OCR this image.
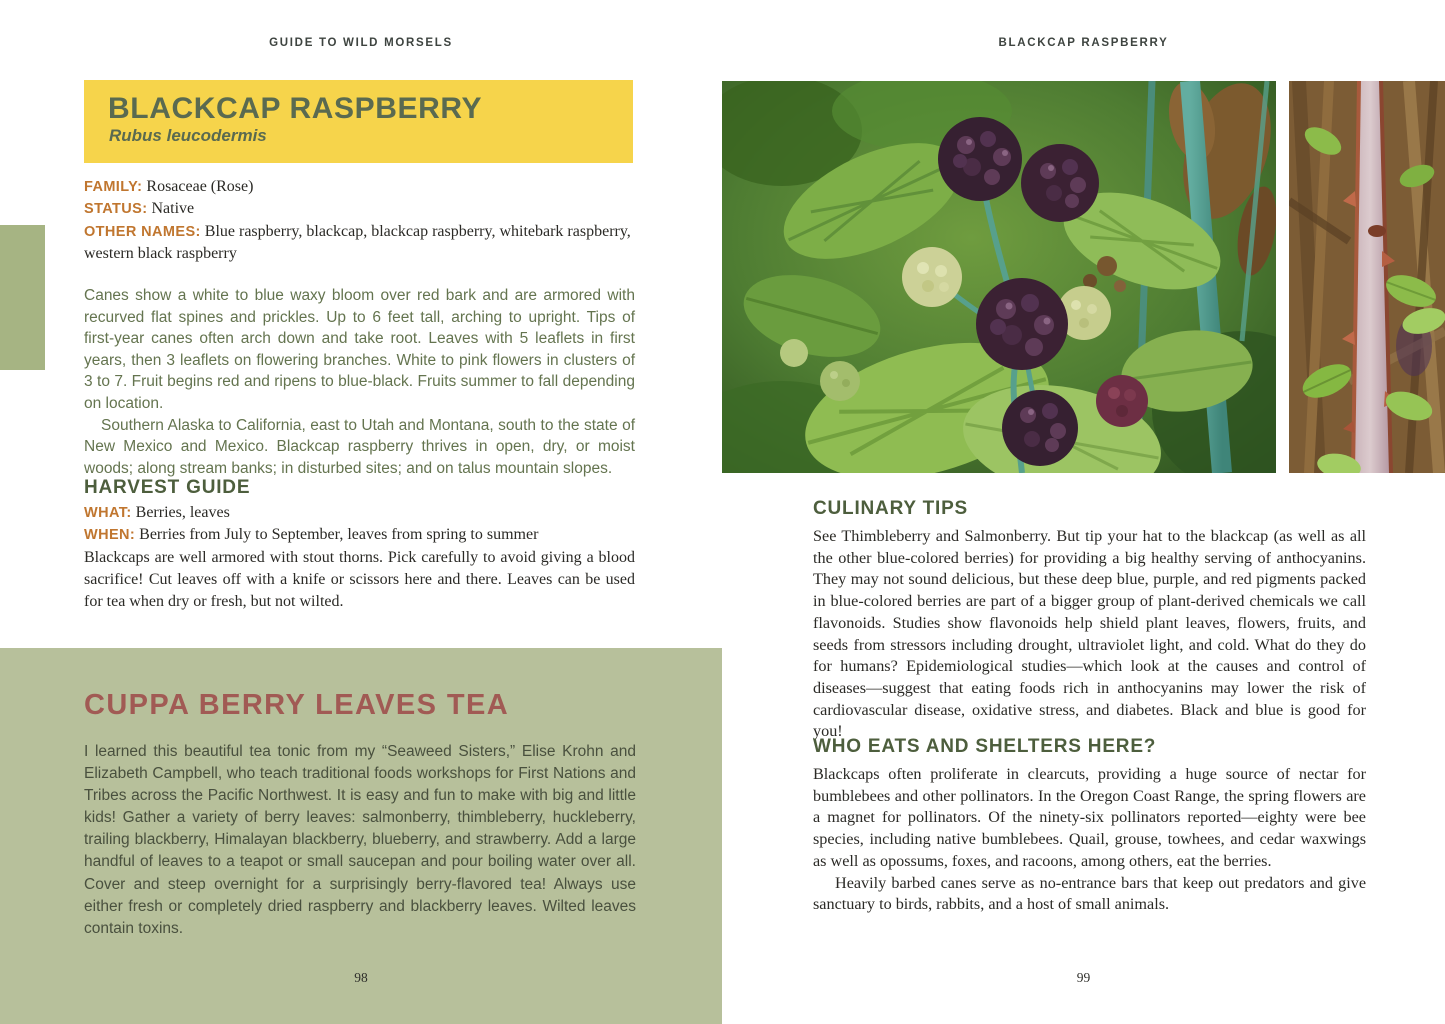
GUIDE TO WILD MORSELS	BLACKCAP RASPBERRY
BLACKCAP RASPBERRY
Rubus leucodermis

FAMILY: Rosaceae (Rose)

STATUS: Native

OTHER NAMES: Blue raspberry, blackcap, blackcap raspberry, whitebark raspberry, western black raspberry

Canes show a white to blue waxy bloom over red bark and are armored with recurved flat spines and prickles. Up to 6 feet tall, arching to upright. Tips of first-year canes often arch down and take root. Leaves with 5 leaflets in first years, then 3 leaflets on flowering branches. White to pink flowers in clusters of 3 to 7. Fruit begins red and ripens to blue-black. Fruits summer to fall depending on location.

Southern Alaska to California, east to Utah and Montana, south to the state of New Mexico and Mexico. Blackcap raspberry thrives in open, dry, or moist woods; along stream banks; in disturbed sites; and on talus mountain slopes.

HARVEST GUIDE

WHAT: Berries, leaves

WHEN: Berries from July to September, leaves from spring to summer

Blackcaps are well armored with stout thorns. Pick carefully to avoid giving a blood sacrifice! Cut leaves off with a knife or scissors here and there. Leaves can be used for tea when dry or fresh, but not wilted.

CUPPA BERRY LEAVES TEA

I learned this beautiful tea tonic from my “Seaweed Sisters,” Elise Krohn and Elizabeth Campbell, who teach traditional foods workshops for First Nations and Tribes across the Pacific Northwest. It is easy and fun to make with big and little kids! Gather a variety of berry leaves: salmonberry, thimbleberry, huckleberry, trailing blackberry, Himalayan blackberry, blueberry, and strawberry. Add a large handful of leaves to a teapot or small saucepan and pour boiling water over all. Cover and steep overnight for a surprisingly berry-flavored tea! Always use either fresh or completely dried raspberry and blackberry leaves. Wilted leaves contain toxins.

CULINARY TIPS

See Thimbleberry and Salmonberry. But tip your hat to the blackcap (as well as all the other blue-colored berries) for providing a big healthy serving of anthocyanins. They may not sound delicious, but these deep blue, purple, and red pigments packed in blue-colored berries are part of a bigger group of plant-derived chemicals we call flavonoids. Studies show flavonoids help shield plant leaves, flowers, fruits, and seeds from stressors including drought, ultraviolet light, and cold. What do they do for humans? Epidemiological studies—which look at the causes and control of diseases—suggest that eating foods rich in anthocyanins may lower the risk of cardiovascular disease, oxidative stress, and diabetes. Black and blue is good for you!

WHO EATS AND SHELTERS HERE?

Blackcaps often proliferate in clearcuts, providing a huge source of nectar for bumblebees and other pollinators. In the Oregon Coast Range, the spring flowers are a magnet for pollinators. Of the ninety-six pollinators reported—eighty were bee species, including native bumblebees. Quail, grouse, towhees, and cedar waxwings as well as opossums, foxes, and racoons, among others, eat the berries.

Heavily barbed canes serve as no-entrance bars that keep out predators and give sanctuary to birds, rabbits, and a host of small animals.

98	99
